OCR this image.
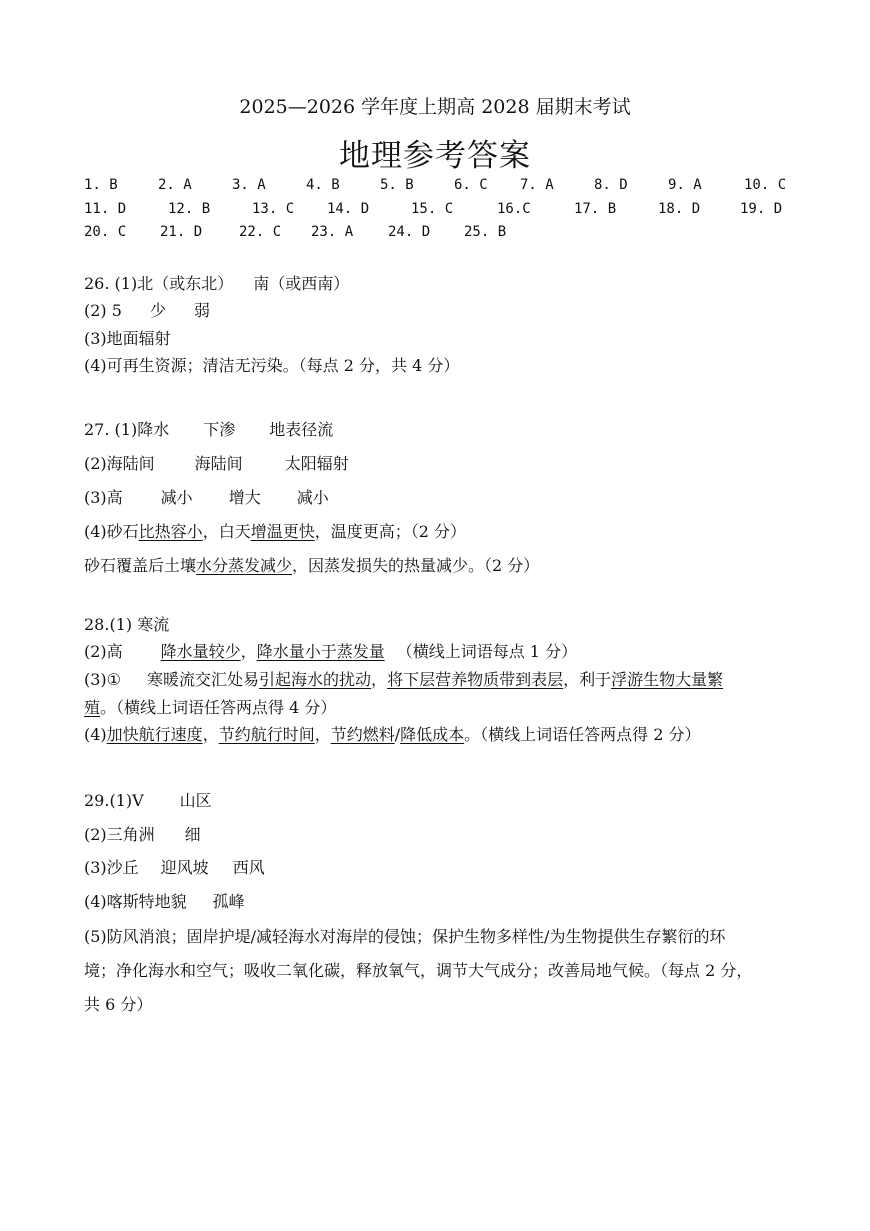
2025—2026 学年度上期高 2028 届期末考试
地理参考答案
1. B	2. A	3. A	4. B	5. B	6. C 7. A	8. D	9. A	10. C
11. D	12. B	13. C 14. D	15. C	16.C	17. B	18. D	19. D
20. C 21. D	22. C 23. A 24. D 25. B
26. (1)北（或东北） 南（或西南）
(2) 5 少 弱
(3)地面辐射
(4)可再生资源；清洁无污染。（每点 2 分，共 4 分）
27. (1)降水 下渗 地表径流
(2)海陆间	海陆间	太阳辐射
(3)高 减小 增大 减小
(4)砂石比热容小，白天增温更快，温度更高；（2 分）
砂石覆盖后土壤水分蒸发减少，因蒸发损失的热量减少。（2 分）
28.(1) 寒流
(2)高 降水量较少，降水量小于蒸发量 （横线上词语每点 1 分）
(3)① 寒暖流交汇处易引起海水的扰动，将下层营养物质带到表层，利于浮游生物大量繁
殖。（横线上词语任答两点得 4 分）
(4)加快航行速度，节约航行时间，节约燃料/降低成本。（横线上词语任答两点得 2 分）
29.(1)V 山区
(2)三角洲 细
(3)沙丘 迎风坡 西风
(4)喀斯特地貌 孤峰
(5)防风消浪；固岸护堤/减轻海水对海岸的侵蚀；保护生物多样性/为生物提供生存繁衍的环
境；净化海水和空气；吸收二氧化碳，释放氧气，调节大气成分；改善局地气候。（每点 2 分，
共 6 分）
